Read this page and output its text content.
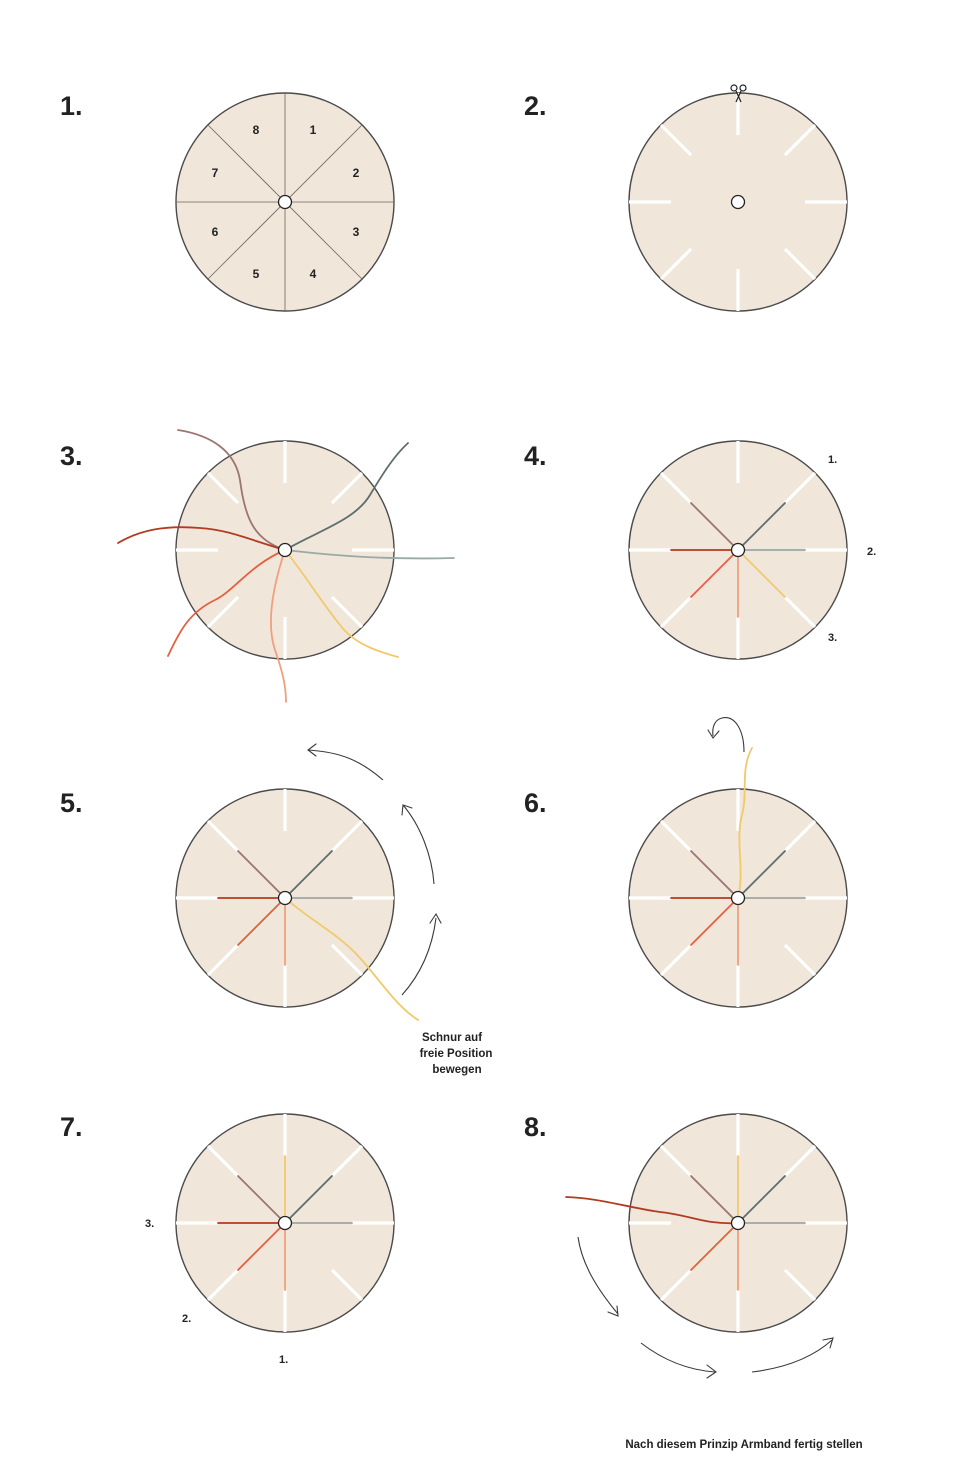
1.
1
2
3
4
5
6
7
8
2.
3.	4.	1.
2.
3.
5.
Schnur auf
freie Position
bewegen
6.
7.
3.
2.
1.
8.
Nach diesem Prinzip Armband fertig stellen
